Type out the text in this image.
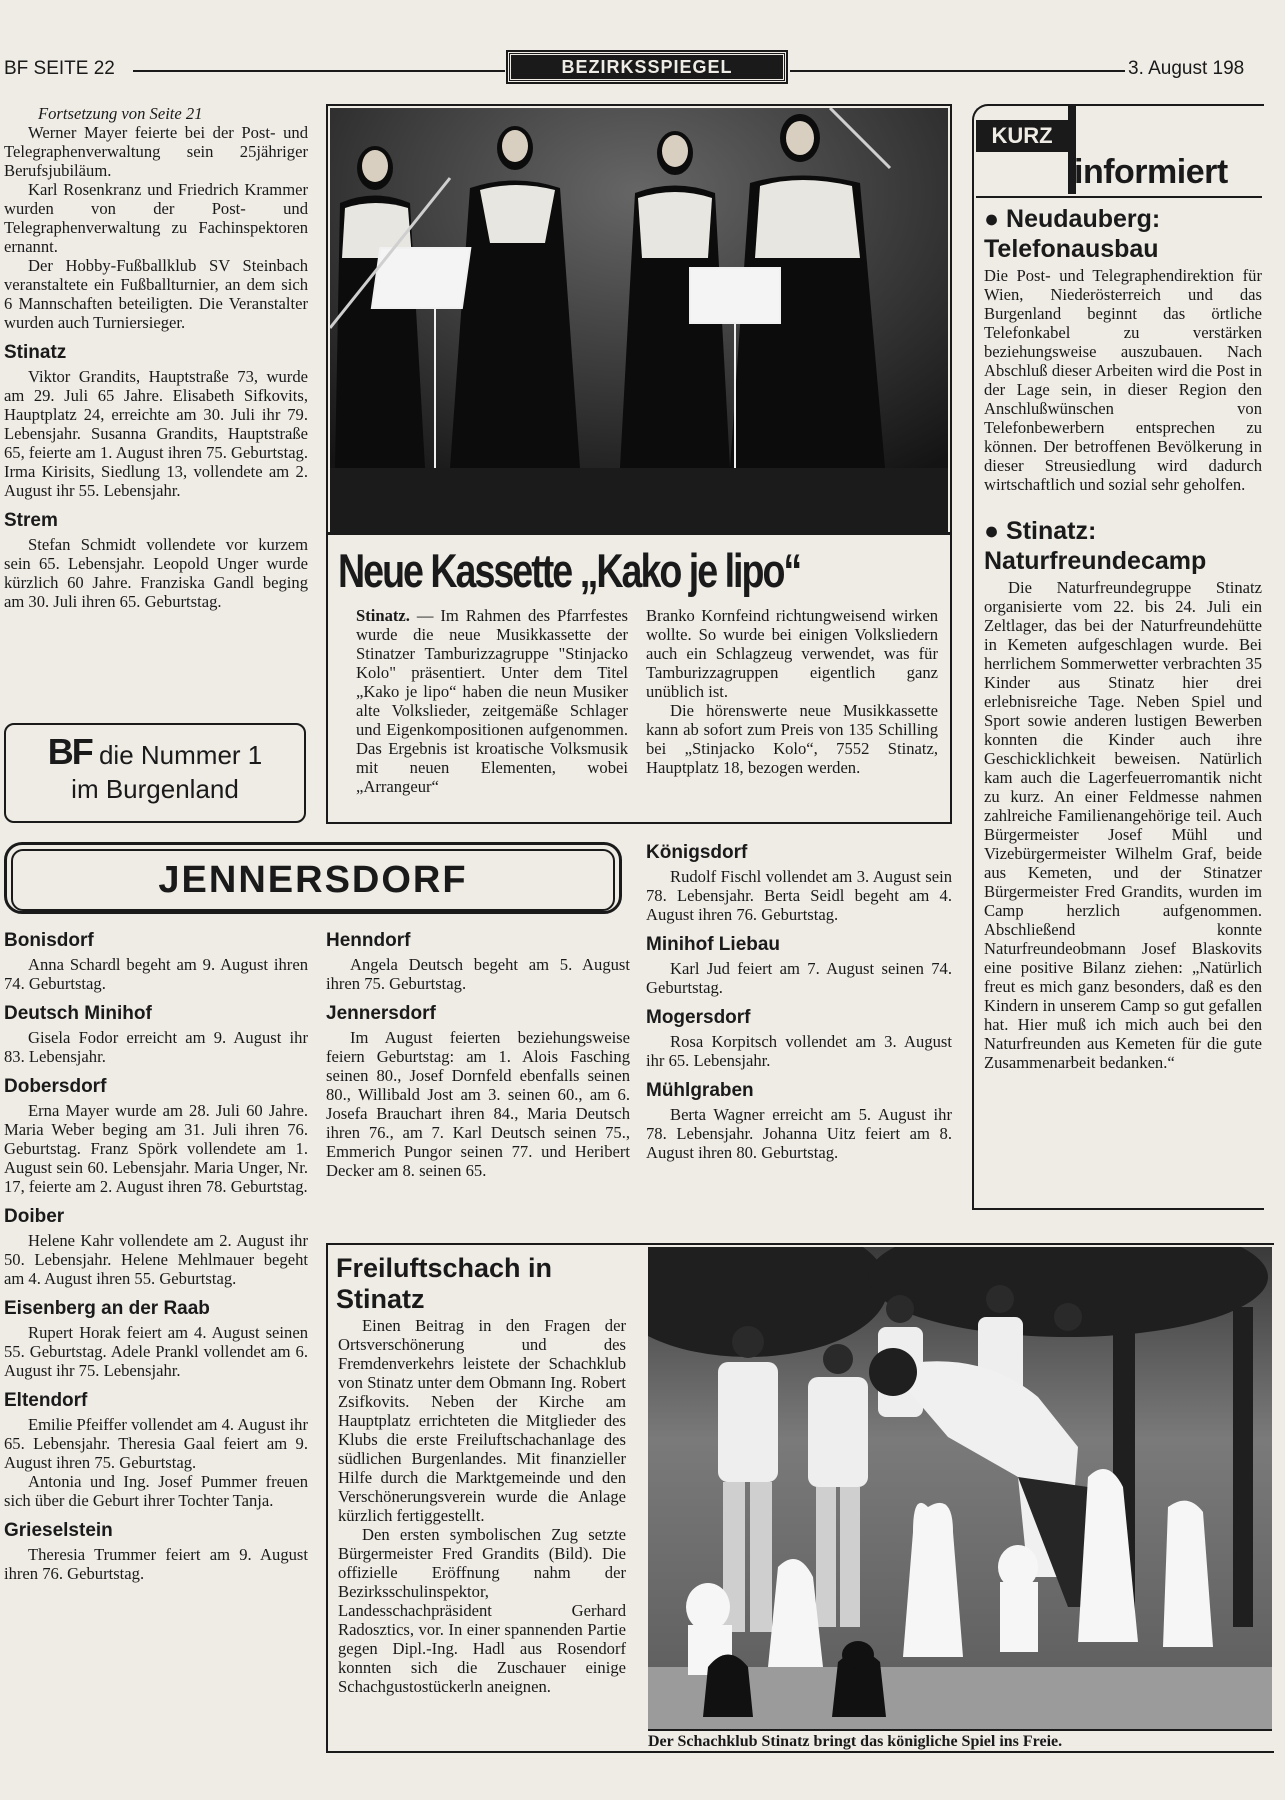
BF SEITE 22	BEZIRKSSPIEGEL	3. August 198

Fortsetzung von Seite 21

Werner Mayer feierte bei der Post- und Telegraphenverwaltung sein 25jähriger Berufsjubiläum.

Karl Rosenkranz und Friedrich Krammer wurden von der Post- und Telegraphenverwaltung zu Fachinspektoren ernannt.

Der Hobby-Fußballklub SV Steinbach veranstaltete ein Fußballturnier, an dem sich 6 Mannschaften beteiligten. Die Veranstalter wurden auch Turniersieger.

Stinatz

Viktor Grandits, Hauptstraße 73, wurde am 29. Juli 65 Jahre. Elisabeth Sifkovits, Hauptplatz 24, erreichte am 30. Juli ihr 79. Lebensjahr. Susanna Grandits, Hauptstraße 65, feierte am 1. August ihren 75. Geburtstag. Irma Kirisits, Siedlung 13, vollendete am 2. August ihr 55. Lebensjahr.

Strem

Stefan Schmidt vollendete vor kurzem sein 65. Lebensjahr. Leopold Unger wurde kürzlich 60 Jahre. Franziska Gandl beging am 30. Juli ihren 65. Geburtstag.

BF die Nummer 1
im Burgenland
Neue Kassette „Kako je lipo“

Stinatz. — Im Rahmen des Pfarrfestes wurde die neue Musikkassette der Stinatzer Tamburizzagruppe "Stinjacko Kolo" präsentiert. Unter dem Titel „Kako je lipo“ haben die neun Musiker alte Volkslieder, zeitgemäße Schlager und Eigenkompositionen aufgenommen. Das Ergebnis ist kroatische Volksmusik mit neuen Elementen, wobei „Arrangeur“

Branko Kornfeind richtungweisend wirken wollte. So wurde bei einigen Volksliedern auch ein Schlagzeug verwendet, was für Tamburizzagruppen eigentlich ganz unüblich ist.

Die hörenswerte neue Musikkassette kann ab sofort zum Preis von 135 Schilling bei „Stinjacko Kolo“, 7552 Stinatz, Hauptplatz 18, bezogen werden.

KURZ
informiert
● Neudauberg: Telefonausbau

Die Post- und Telegraphendirektion für Wien, Niederösterreich und das Burgenland beginnt das örtliche Telefonkabel zu verstärken beziehungsweise auszubauen. Nach Abschluß dieser Arbeiten wird die Post in der Lage sein, in dieser Region den Anschlußwünschen von Telefonbewerbern entsprechen zu können. Der betroffenen Bevölkerung in dieser Streusiedlung wird dadurch wirtschaftlich und sozial sehr geholfen.

● Stinatz: Naturfreundecamp

Die Naturfreundegruppe Stinatz organisierte vom 22. bis 24. Juli ein Zeltlager, das bei der Naturfreundehütte in Kemeten aufgeschlagen wurde. Bei herrlichem Sommerwetter verbrachten 35 Kinder aus Stinatz hier drei erlebnisreiche Tage. Neben Spiel und Sport sowie anderen lustigen Bewerben konnten die Kinder auch ihre Geschicklichkeit beweisen. Natürlich kam auch die Lagerfeuerromantik nicht zu kurz. An einer Feldmesse nahmen zahlreiche Familienangehörige teil. Auch Bürgermeister Josef Mühl und Vizebürgermeister Wilhelm Graf, beide aus Kemeten, und der Stinatzer Bürgermeister Fred Grandits, wurden im Camp herzlich aufgenommen. Abschließend konnte Naturfreundeobmann Josef Blaskovits eine positive Bilanz ziehen: „Natürlich freut es mich ganz besonders, daß es den Kindern in unserem Camp so gut gefallen hat. Hier muß ich mich auch bei den Naturfreunden aus Kemeten für die gute Zusammenarbeit bedanken.“

JENNERSDORF
Bonisdorf

Anna Schardl begeht am 9. August ihren 74. Geburtstag.

Deutsch Minihof

Gisela Fodor erreicht am 9. August ihr 83. Lebensjahr.

Dobersdorf

Erna Mayer wurde am 28. Juli 60 Jahre. Maria Weber beging am 31. Juli ihren 76. Geburtstag. Franz Spörk vollendete am 1. August sein 60. Lebensjahr. Maria Unger, Nr. 17, feierte am 2. August ihren 78. Geburtstag.

Doiber

Helene Kahr vollendete am 2. August ihr 50. Lebensjahr. Helene Mehlmauer begeht am 4. August ihren 55. Geburtstag.

Eisenberg an der Raab

Rupert Horak feiert am 4. August seinen 55. Geburtstag. Adele Prankl vollendet am 6. August ihr 75. Lebensjahr.

Eltendorf

Emilie Pfeiffer vollendet am 4. August ihr 65. Lebensjahr. Theresia Gaal feiert am 9. August ihren 75. Geburtstag.

Antonia und Ing. Josef Pummer freuen sich über die Geburt ihrer Tochter Tanja.

Grieselstein

Theresia Trummer feiert am 9. August ihren 76. Geburtstag.

Henndorf

Angela Deutsch begeht am 5. August ihren 75. Geburtstag.

Jennersdorf

Im August feierten beziehungsweise feiern Geburtstag: am 1. Alois Fasching seinen 80., Josef Dornfeld ebenfalls seinen 80., Willibald Jost am 3. seinen 60., am 6. Josefa Brauchart ihren 84., Maria Deutsch ihren 76., am 7. Karl Deutsch seinen 75., Emmerich Pungor seinen 77. und Heribert Decker am 8. seinen 65.

Königsdorf

Rudolf Fischl vollendet am 3. August sein 78. Lebensjahr. Berta Seidl begeht am 4. August ihren 76. Geburtstag.

Minihof Liebau

Karl Jud feiert am 7. August seinen 74. Geburtstag.

Mogersdorf

Rosa Korpitsch vollendet am 3. August ihr 65. Lebensjahr.

Mühlgraben

Berta Wagner erreicht am 5. August ihr 78. Lebensjahr. Johanna Uitz feiert am 8. August ihren 80. Geburtstag.

Freiluftschach in Stinatz

Einen Beitrag in den Fragen der Ortsverschönerung und des Fremdenverkehrs leistete der Schachklub von Stinatz unter dem Obmann Ing. Robert Zsifkovits. Neben der Kirche am Hauptplatz errichteten die Mitglieder des Klubs die erste Freiluftschachanlage des südlichen Burgenlandes. Mit finanzieller Hilfe durch die Marktgemeinde und den Verschönerungsverein wurde die Anlage kürzlich fertiggestellt.

Den ersten symbolischen Zug setzte Bürgermeister Fred Grandits (Bild). Die offizielle Eröffnung nahm der Bezirksschulinspektor, Landesschachpräsident Gerhard Radosztics, vor. In einer spannenden Partie gegen Dipl.-Ing. Hadl aus Rosendorf konnten sich die Zuschauer einige Schachgustostückerln aneignen.

Der Schachklub Stinatz bringt das königliche Spiel ins Freie.
